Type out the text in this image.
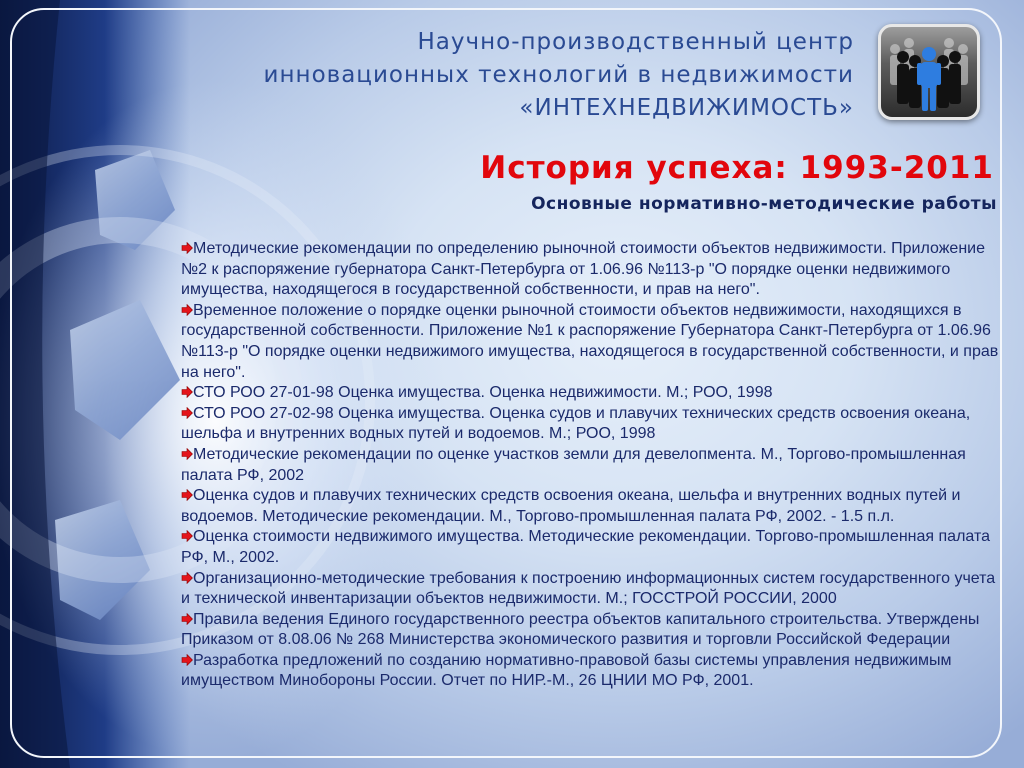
Научно-производственный центр
инновационных технологий в недвижимости
«ИНТЕХНЕДВИЖИМОСТЬ»
История успеха: 1993-2011
Основные нормативно-методические работы
Методические рекомендации по определению рыночной стоимости объектов недвижимости. Приложение №2 к распоряжение губернатора Санкт-Петербурга от 1.06.96 №113-р "О порядке оценки недвижимого имущества, находящегося в государственной собственности, и прав на него".
Временное положение о порядке оценки рыночной стоимости объектов недвижимости, находящихся в государственной собственности. Приложение №1 к распоряжение Губернатора Санкт-Петербурга от 1.06.96 №113-р "О порядке оценки недвижимого имущества, находящегося в государственной собственности, и прав на него".
СТО РОО 27-01-98 Оценка имущества. Оценка недвижимости. М.; РОО, 1998
СТО РОО 27-02-98 Оценка имущества. Оценка судов и плавучих технических средств освоения океана, шельфа и внутренних водных путей и водоемов. М.; РОО, 1998
Методические рекомендации по оценке участков земли для девелопмента. М., Торгово-промышленная палата РФ, 2002
Оценка судов и плавучих технических средств освоения океана, шельфа и внутренних водных путей и водоемов. Методические рекомендации. М., Торгово-промышленная палата РФ, 2002. - 1.5 п.л.
Оценка стоимости недвижимого имущества. Методические рекомендации. Торгово-промышленная палата РФ, М., 2002.
Организационно-методические требования к построению информационных систем государственного учета и технической инвентаризации объектов недвижимости. М.; ГОССТРОЙ РОССИИ, 2000
Правила ведения Единого государственного реестра объектов капитального строительства. Утверждены Приказом от 8.08.06 № 268 Министерства экономического развития и торговли Российской Федерации
Разработка предложений по созданию нормативно-правовой базы системы управления недвижимым имуществом Минобороны России. Отчет по НИР.-М., 26 ЦНИИ МО РФ, 2001.
